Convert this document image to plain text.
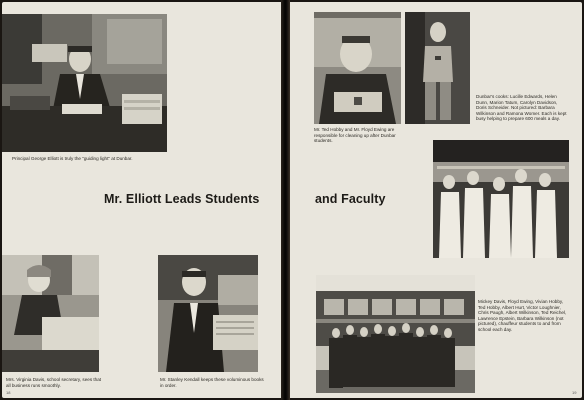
Principal George Elliott is truly the "guiding light" at Dunbar.
Mr. Elliott Leads Students
Mrs. Virginia Davis, school secretary, sees that all business runs smoothly.
Mr. Stanley Kendall keeps these voluminous books in order.
18
Mr. Ted Hobby and Mr. Floyd Ewing are responsible for cleaning up after Dunbar students.
Dunbar's cooks: Lucille Edwards, Helen Dunn, Marion Tatum, Carolyn Davidson, Doris Schneider. Not pictured: Barbara Wilkinson and Ramona Womer. Each is kept busy helping to prepare 600 meals a day.
and Faculty
Mickey Davis, Floyd Ewing, Vivian Hobby, Ted Hobby, Albert Hurt, Victor Loughnier, Chris Paugh, Albert Wilkinson, Ted Reichel, Lawrence Epstein, Barbara Wilkinson (not pictured), chauffeur students to and from school each day.
19
